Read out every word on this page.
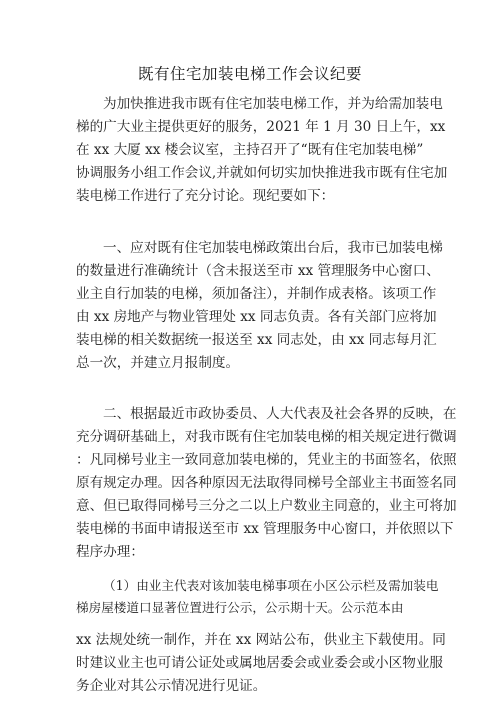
既有住宅加装电梯工作会议纪要
为加快推进我市既有住宅加装电梯工作，并为给需加装电
梯的广大业主提供更好的服务，2021 年 1 月 30 日上午，xx
在 xx 大厦 xx 楼会议室，主持召开了“既有住宅加装电梯”
协调服务小组工作会议,并就如何切实加快推进我市既有住宅加
装电梯工作进行了充分讨论。现纪要如下：
一、应对既有住宅加装电梯政策出台后，我市已加装电梯
的数量进行准确统计（含未报送至市 xx 管理服务中心窗口、
业主自行加装的电梯，须加备注），并制作成表格。该项工作
由 xx 房地产与物业管理处 xx 同志负责。各有关部门应将加
装电梯的相关数据统一报送至 xx 同志处，由 xx 同志每月汇
总一次，并建立月报制度。
二、根据最近市政协委员、人大代表及社会各界的反映，在
充分调研基础上，对我市既有住宅加装电梯的相关规定进行微调
：凡同梯号业主一致同意加装电梯的，凭业主的书面签名，依照
原有规定办理。因各种原因无法取得同梯号全部业主书面签名同
意、但已取得同梯号三分之二以上户数业主同意的，业主可将加
装电梯的书面申请报送至市 xx 管理服务中心窗口，并依照以下
程序办理：
（1）由业主代表对该加装电梯事项在小区公示栏及需加装电
梯房屋楼道口显著位置进行公示，公示期十天。公示范本由
xx 法规处统一制作，并在 xx 网站公布，供业主下载使用。同
时建议业主也可请公证处或属地居委会或业委会或小区物业服
务企业对其公示情况进行见证。
